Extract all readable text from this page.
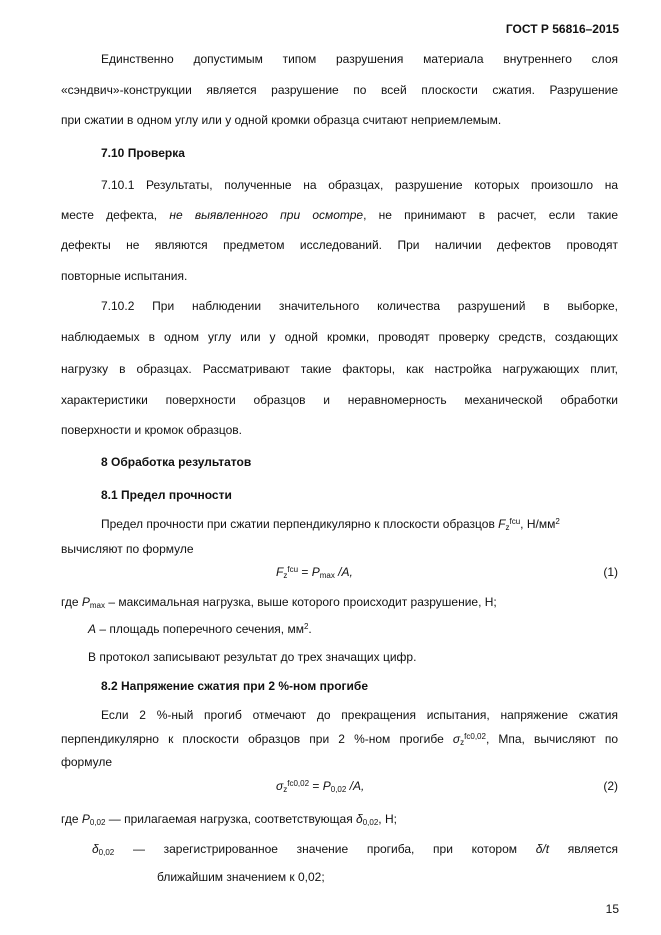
ГОСТ Р 56816–2015
Единственно допустимым типом разрушения материала внутреннего слоя
«сэндвич»-конструкции является разрушение по всей плоскости сжатия. Разрушение
при сжатии в одном углу или у одной кромки образца считают неприемлемым.
7.10 Проверка
7.10.1 Результаты, полученные на образцах, разрушение которых произошло на
месте дефекта, не выявленного при осмотре, не принимают в расчет, если такие
дефекты не являются предметом исследований. При наличии дефектов проводят
повторные испытания.
7.10.2 При наблюдении значительного количества разрушений в выборке,
наблюдаемых в одном углу или у одной кромки, проводят проверку средств, создающих
нагрузку в образцах. Рассматривают такие факторы, как настройка нагружающих плит,
характеристики поверхности образцов и неравномерность механической обработки
поверхности и кромок образцов.
8 Обработка результатов
8.1 Предел прочности
Предел прочности при сжатии перпендикулярно к плоскости образцов $F_z^{fcu}$, $Н/мм^2$
вычисляют по формуле
$F_z^{fcu} = P_{max}$ /A,	(1)
где $P_{max}$ – максимальная нагрузка, выше которого происходит разрушение, Н;
A – площадь поперечного сечения, $мм^2$.
В протокол записывают результат до трех значащих цифр.
8.2 Напряжение сжатия при 2 %-ном прогибе
Если 2 %-ный прогиб отмечают до прекращения испытания, напряжение сжатия
перпендикулярно к плоскости образцов при 2 %-ном прогибе $\sigma_z^{fc0,02}$, Мпа, вычисляют по
формуле
$\sigma_z^{fc0,02} = P_{0,02}$ /A,	(2)
где $P_{0,02}$ — прилагаемая нагрузка, соответствующая $\delta_{0,02}$, Н;
$\delta_{0,02}$ — зарегистрированное значение прогиба, при котором δ/t является
ближайшим значением к 0,02;
15
